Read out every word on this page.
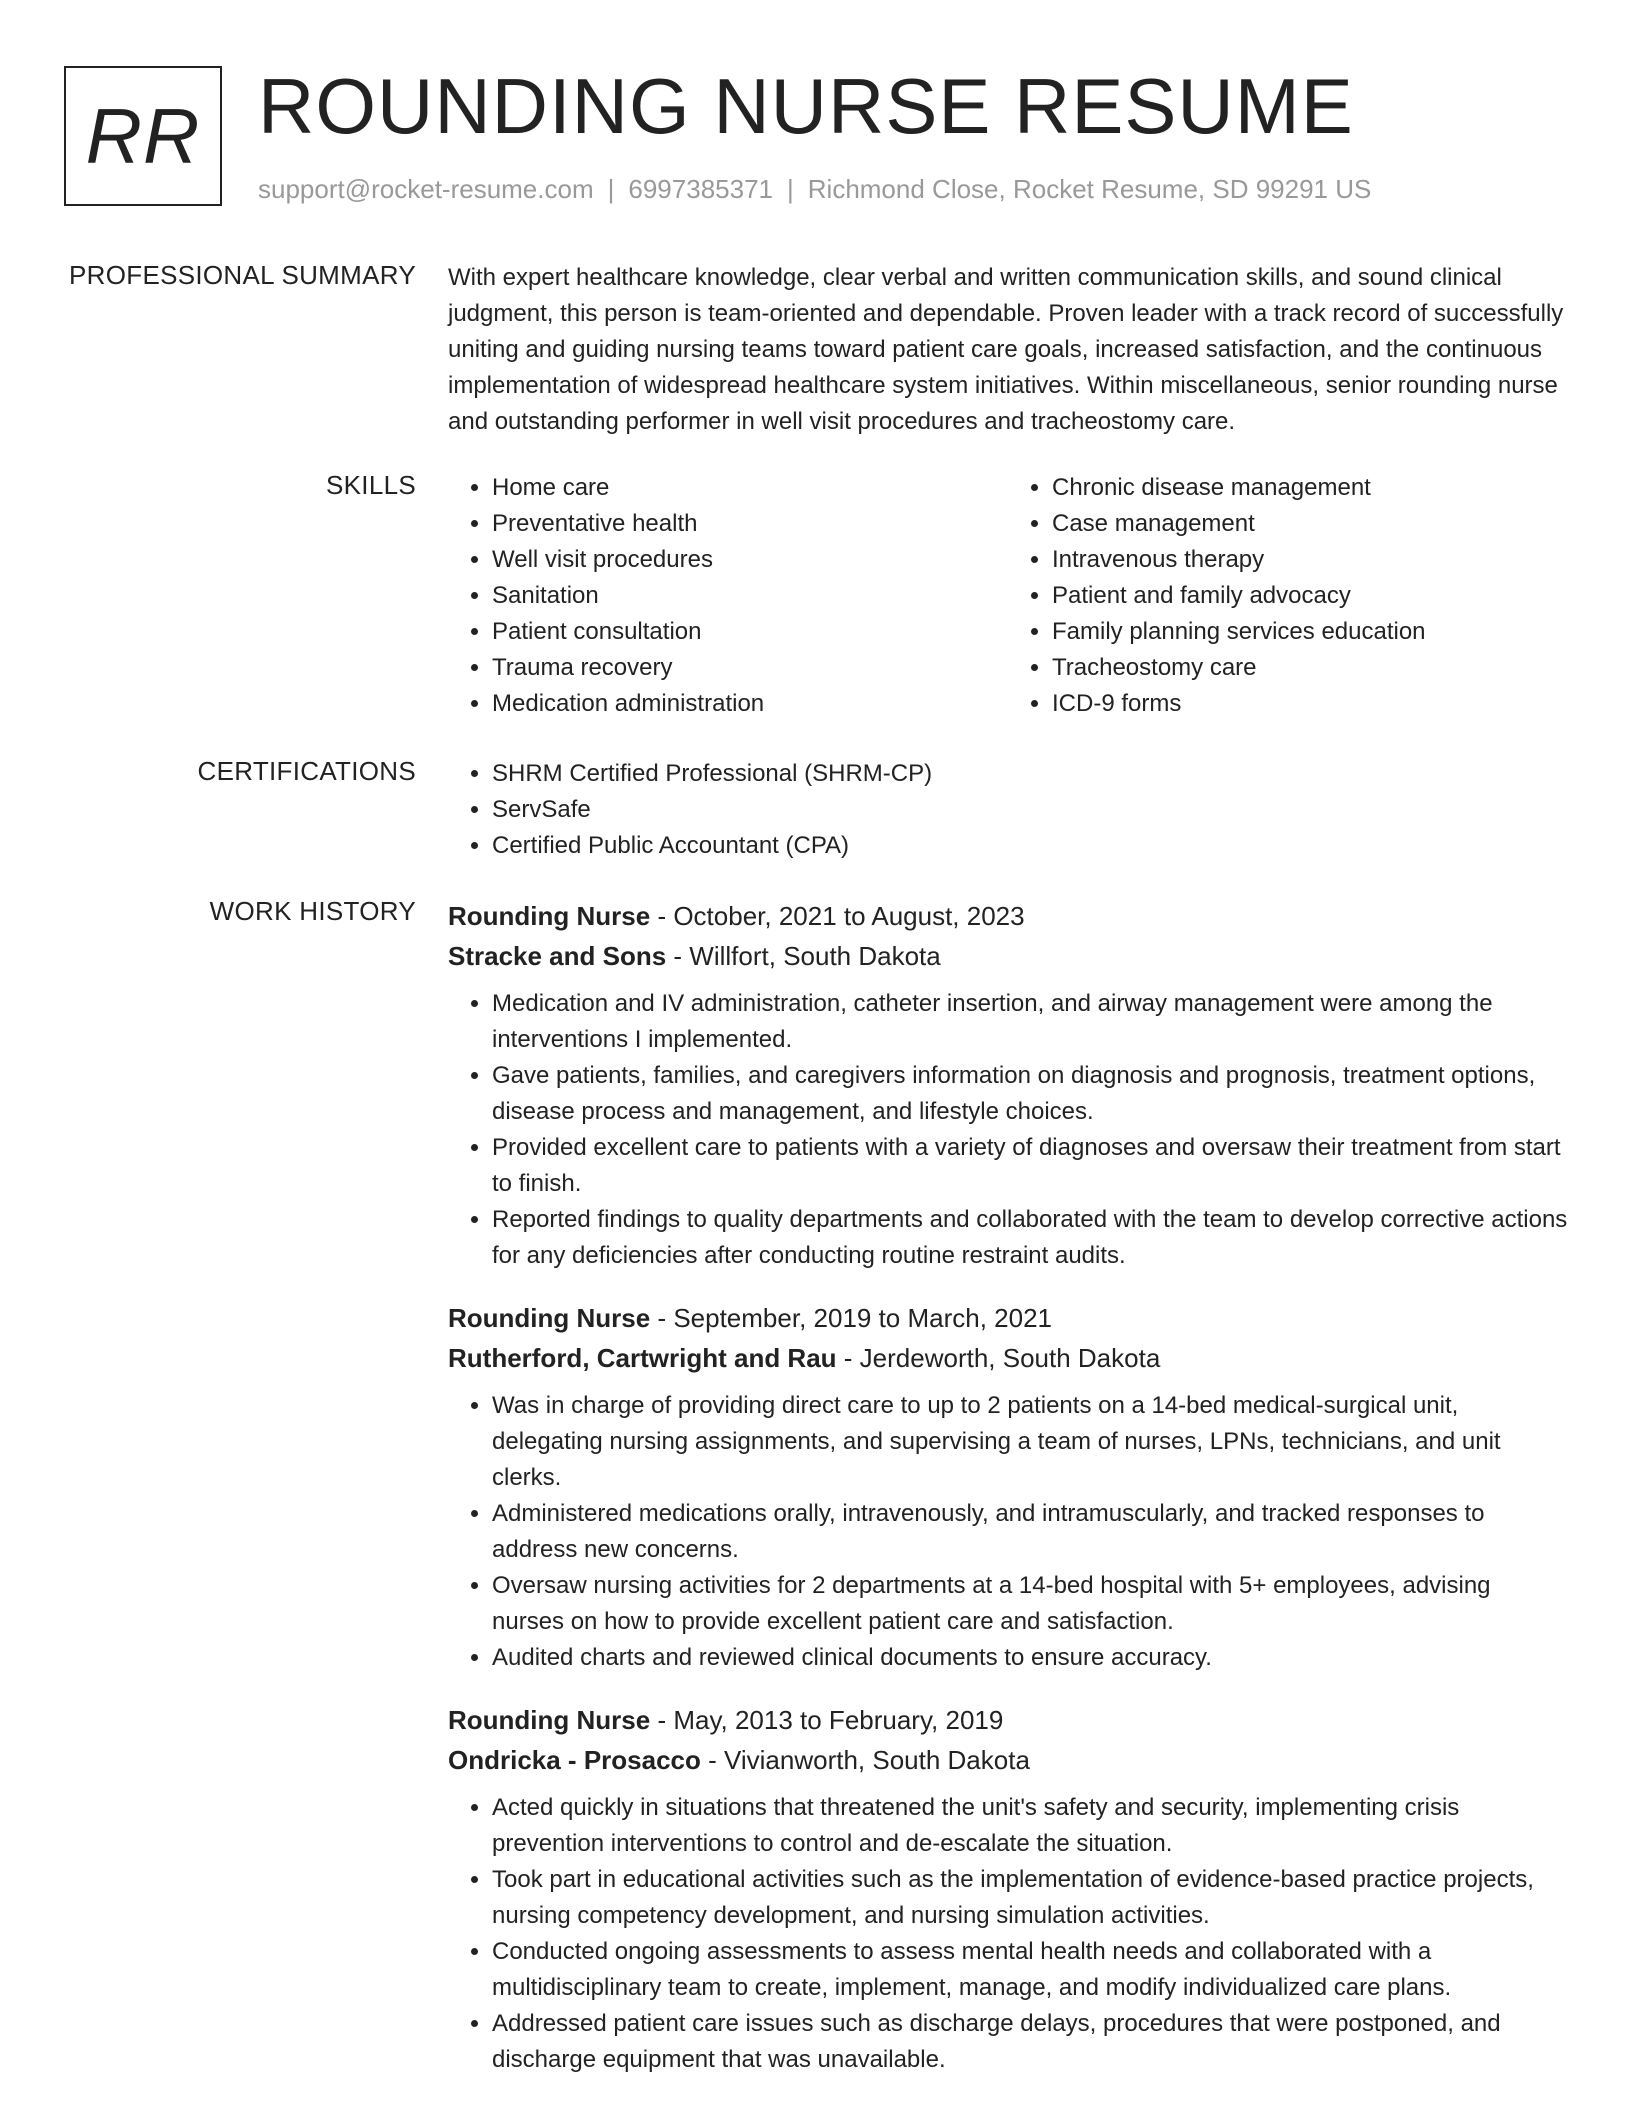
RR ROUNDING NURSE RESUME
support@rocket-resume.com | 6997385371 | Richmond Close, Rocket Resume, SD 99291 US
PROFESSIONAL SUMMARY With expert healthcare knowledge, clear verbal and written communication skills, and sound clinical judgment, this person is team-oriented and dependable. Proven leader with a track record of successfully uniting and guiding nursing teams toward patient care goals, increased satisfaction, and the continuous implementation of widespread healthcare system initiatives. Within miscellaneous, senior rounding nurse and outstanding performer in well visit procedures and tracheostomy care.

SKILLS	• Home care
• Preventative health
• Well visit procedures
• Sanitation
• Patient consultation
• Trauma recovery
• Medication administration
• Chronic disease management
• Case management
• Intravenous therapy
• Patient and family advocacy
• Family planning services education
• Tracheostomy care
• ICD-9 forms
CERTIFICATIONS	• SHRM Certified Professional (SHRM-CP)
• ServSafe
• Certified Public Accountant (CPA)
WORK HISTORY Rounding Nurse - October, 2021 to August, 2023
Stracke and Sons - Willfort, South Dakota
• Medication and IV administration, catheter insertion, and airway management were among the interventions I implemented.
• Gave patients, families, and caregivers information on diagnosis and prognosis, treatment options, disease process and management, and lifestyle choices.
• Provided excellent care to patients with a variety of diagnoses and oversaw their treatment from start to finish.
• Reported findings to quality departments and collaborated with the team to develop corrective actions for any deficiencies after conducting routine restraint audits.
Rounding Nurse - September, 2019 to March, 2021
Rutherford, Cartwright and Rau - Jerdeworth, South Dakota
• Was in charge of providing direct care to up to 2 patients on a 14-bed medical-surgical unit, delegating nursing assignments, and supervising a team of nurses, LPNs, technicians, and unit clerks.
• Administered medications orally, intravenously, and intramuscularly, and tracked responses to address new concerns.
• Oversaw nursing activities for 2 departments at a 14-bed hospital with 5+ employees, advising nurses on how to provide excellent patient care and satisfaction.
• Audited charts and reviewed clinical documents to ensure accuracy.
Rounding Nurse - May, 2013 to February, 2019
Ondricka - Prosacco - Vivianworth, South Dakota
• Acted quickly in situations that threatened the unit's safety and security, implementing crisis prevention interventions to control and de-escalate the situation.
• Took part in educational activities such as the implementation of evidence-based practice projects, nursing competency development, and nursing simulation activities.
• Conducted ongoing assessments to assess mental health needs and collaborated with a multidisciplinary team to create, implement, manage, and modify individualized care plans.
• Addressed patient care issues such as discharge delays, procedures that were postponed, and discharge equipment that was unavailable.
